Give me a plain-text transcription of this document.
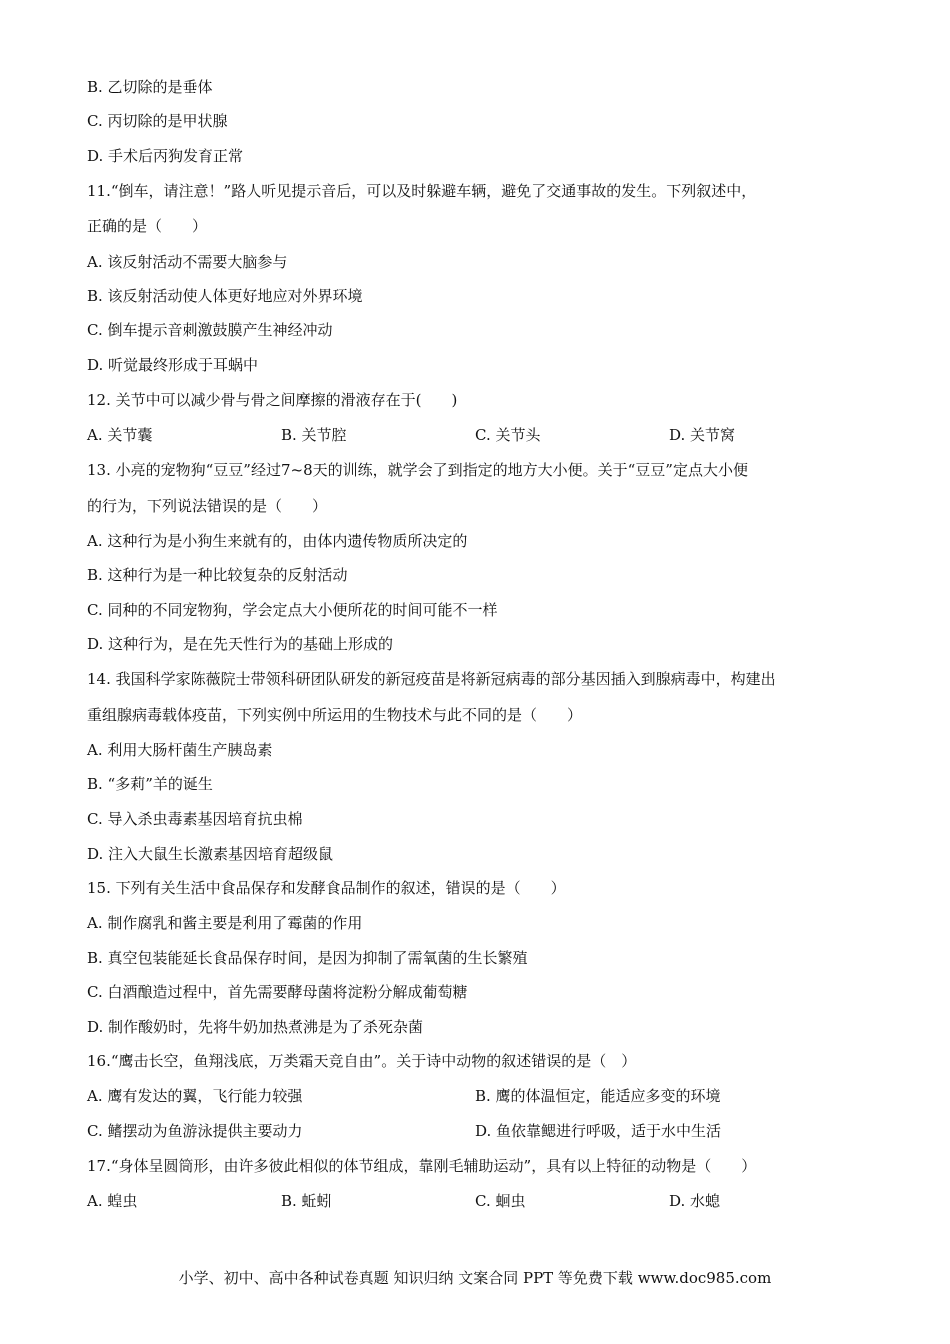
B. 乙切除的是垂体
C. 丙切除的是甲状腺
D. 手术后丙狗发育正常
11.“倒车，请注意！”路人听见提示音后，可以及时躲避车辆，避免了交通事故的发生。下列叙述中，
正确的是（　　）
A. 该反射活动不需要大脑参与
B. 该反射活动使人体更好地应对外界环境
C. 倒车提示音刺激鼓膜产生神经冲动
D. 听觉最终形成于耳蜗中
12. 关节中可以减少骨与骨之间摩擦的滑液存在于(　　)
A. 关节囊	B. 关节腔	C. 关节头	D. 关节窝
13. 小亮的宠物狗“豆豆”经过7~8天的训练，就学会了到指定的地方大小便。关于“豆豆”定点大小便
的行为，下列说法错误的是（　　）
A. 这种行为是小狗生来就有的，由体内遗传物质所决定的
B. 这种行为是一种比较复杂的反射活动
C. 同种的不同宠物狗，学会定点大小便所花的时间可能不一样
D. 这种行为，是在先天性行为的基础上形成的
14. 我国科学家陈薇院士带领科研团队研发的新冠疫苗是将新冠病毒的部分基因插入到腺病毒中，构建出
重组腺病毒载体疫苗，下列实例中所运用的生物技术与此不同的是（　　）
A. 利用大肠杆菌生产胰岛素
B. “多莉”羊的诞生
C. 导入杀虫毒素基因培育抗虫棉
D. 注入大鼠生长激素基因培育超级鼠
15. 下列有关生活中食品保存和发酵食品制作的叙述，错误的是（　　）
A. 制作腐乳和酱主要是利用了霉菌的作用
B. 真空包装能延长食品保存时间，是因为抑制了需氧菌的生长繁殖
C. 白酒酿造过程中，首先需要酵母菌将淀粉分解成葡萄糖
D. 制作酸奶时，先将牛奶加热煮沸是为了杀死杂菌
16.“鹰击长空，鱼翔浅底，万类霜天竞自由”。关于诗中动物的叙述错误的是（　）
A. 鹰有发达的翼，飞行能力较强	B. 鹰的体温恒定，能适应多变的环境
C. 鳍摆动为鱼游泳提供主要动力	D. 鱼依靠鳃进行呼吸，适于水中生活
17.“身体呈圆筒形，由许多彼此相似的体节组成，靠刚毛辅助运动”，具有以上特征的动物是（　　）
A. 蝗虫	B. 蚯蚓	C. 蛔虫	D. 水螅
小学、初中、高中各种试卷真题 知识归纳 文案合同 PPT 等免费下载 www.doc985.com
